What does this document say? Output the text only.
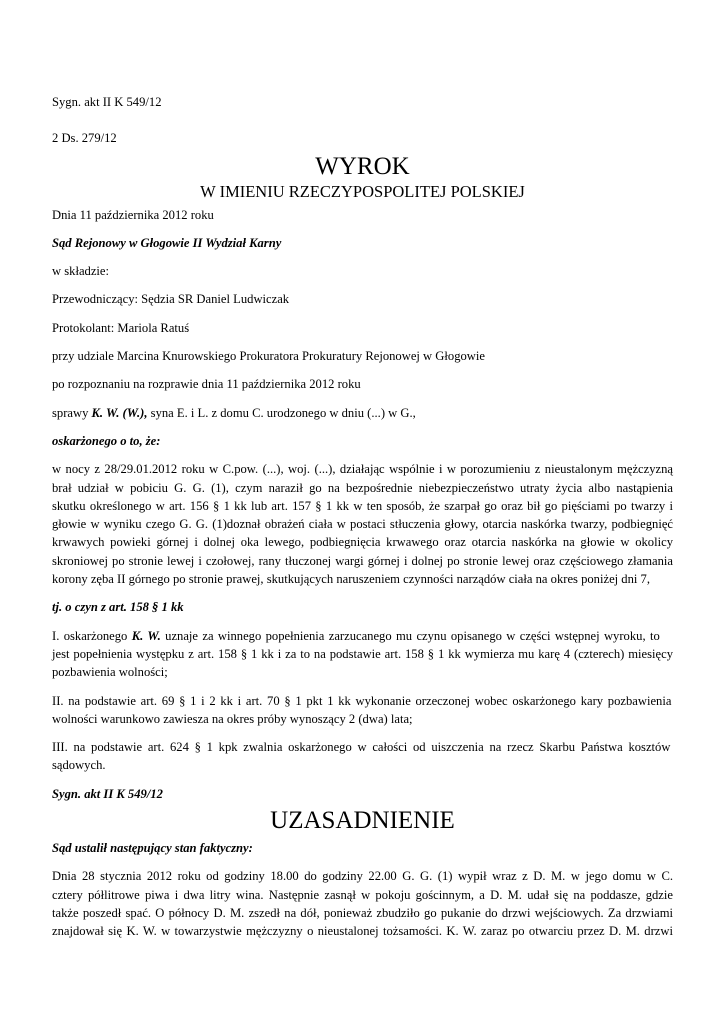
Sygn. akt II K 549/12

2 Ds. 279/12

WYROK

W IMIENIU RZECZYPOSPOLITEJ POLSKIEJ

Dnia 11 października 2012 roku

Sąd Rejonowy w Głogowie II Wydział Karny

w składzie:

Przewodniczący: Sędzia SR Daniel Ludwiczak

Protokolant: Mariola Ratuś

przy udziale Marcina Knurowskiego Prokuratora Prokuratury Rejonowej w Głogowie

po rozpoznaniu na rozprawie dnia 11 października 2012 roku

sprawy K. W. (W.), syna E. i L. z domu C. urodzonego w dniu (...) w G.,

oskarżonego o to, że:

w nocy z 28/29.01.2012 roku w C.pow. (...), woj. (...), działając wspólnie i w porozumieniu z nieustalonym mężczyzną

brał udział w pobiciu G. G. (1), czym naraził go na bezpośrednie niebezpieczeństwo utraty życia albo nastąpienia

skutku określonego w art. 156 § 1 kk lub art. 157 § 1 kk w ten sposób, że szarpał go oraz bił go pięściami po twarzy i

głowie w wyniku czego G. G. (1)doznał obrażeń ciała w postaci stłuczenia głowy, otarcia naskórka twarzy, podbiegnięć

krwawych powieki górnej i dolnej oka lewego, podbiegnięcia krwawego oraz otarcia naskórka na głowie w okolicy

skroniowej po stronie lewej i czołowej, rany tłuczonej wargi górnej i dolnej po stronie lewej oraz częściowego złamania

korony zęba II górnego po stronie prawej, skutkujących naruszeniem czynności narządów ciała na okres poniżej dni 7,

tj. o czyn z art. 158 § 1 kk

I. oskarżonego K. W. uznaje za winnego popełnienia zarzucanego mu czynu opisanego w części wstępnej wyroku, to

jest popełnienia występku z art. 158 § 1 kk i za to na podstawie art. 158 § 1 kk wymierza mu karę 4 (czterech) miesięcy

pozbawienia wolności;

II. na podstawie art. 69 § 1 i 2 kk i art. 70 § 1 pkt 1 kk wykonanie orzeczonej wobec oskarżonego kary pozbawienia

wolności warunkowo zawiesza na okres próby wynoszący 2 (dwa) lata;

III. na podstawie art. 624 § 1 kpk zwalnia oskarżonego w całości od uiszczenia na rzecz Skarbu Państwa kosztów

sądowych.

Sygn. akt II K 549/12

UZASADNIENIE

Sąd ustalił następujący stan faktyczny:

Dnia 28 stycznia 2012 roku od godziny 18.00 do godziny 22.00 G. G. (1) wypił wraz z D. M. w jego domu w C.

cztery półlitrowe piwa i dwa litry wina. Następnie zasnął w pokoju gościnnym, a D. M. udał się na poddasze, gdzie

także poszedł spać. O północy D. M. zszedł na dół, ponieważ zbudziło go pukanie do drzwi wejściowych. Za drzwiami

znajdował się K. W. w towarzystwie mężczyzny o nieustalonej tożsamości. K. W. zaraz po otwarciu przez D. M. drzwi
